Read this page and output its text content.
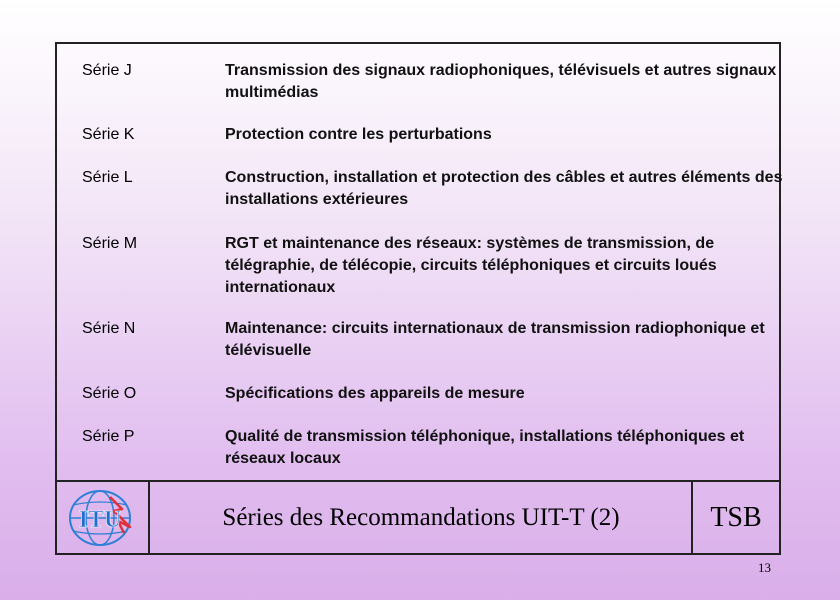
Série J	Transmission des signaux radiophoniques, télévisuels et autres signaux multimédias
Série K	Protection contre les perturbations
Série L	Construction, installation et protection des câbles et autres éléments des installations extérieures
Série M	RGT et maintenance des réseaux: systèmes de transmission, de télégraphie, de télécopie, circuits téléphoniques et circuits loués internationaux
Série N	Maintenance: circuits internationaux de transmission radiophonique et télévisuelle
Série O	Spécifications des appareils de mesure
Série P	Qualité de transmission téléphonique, installations téléphoniques et réseaux locaux
ITU	Séries des Recommandations UIT-T (2)	TSB
13
